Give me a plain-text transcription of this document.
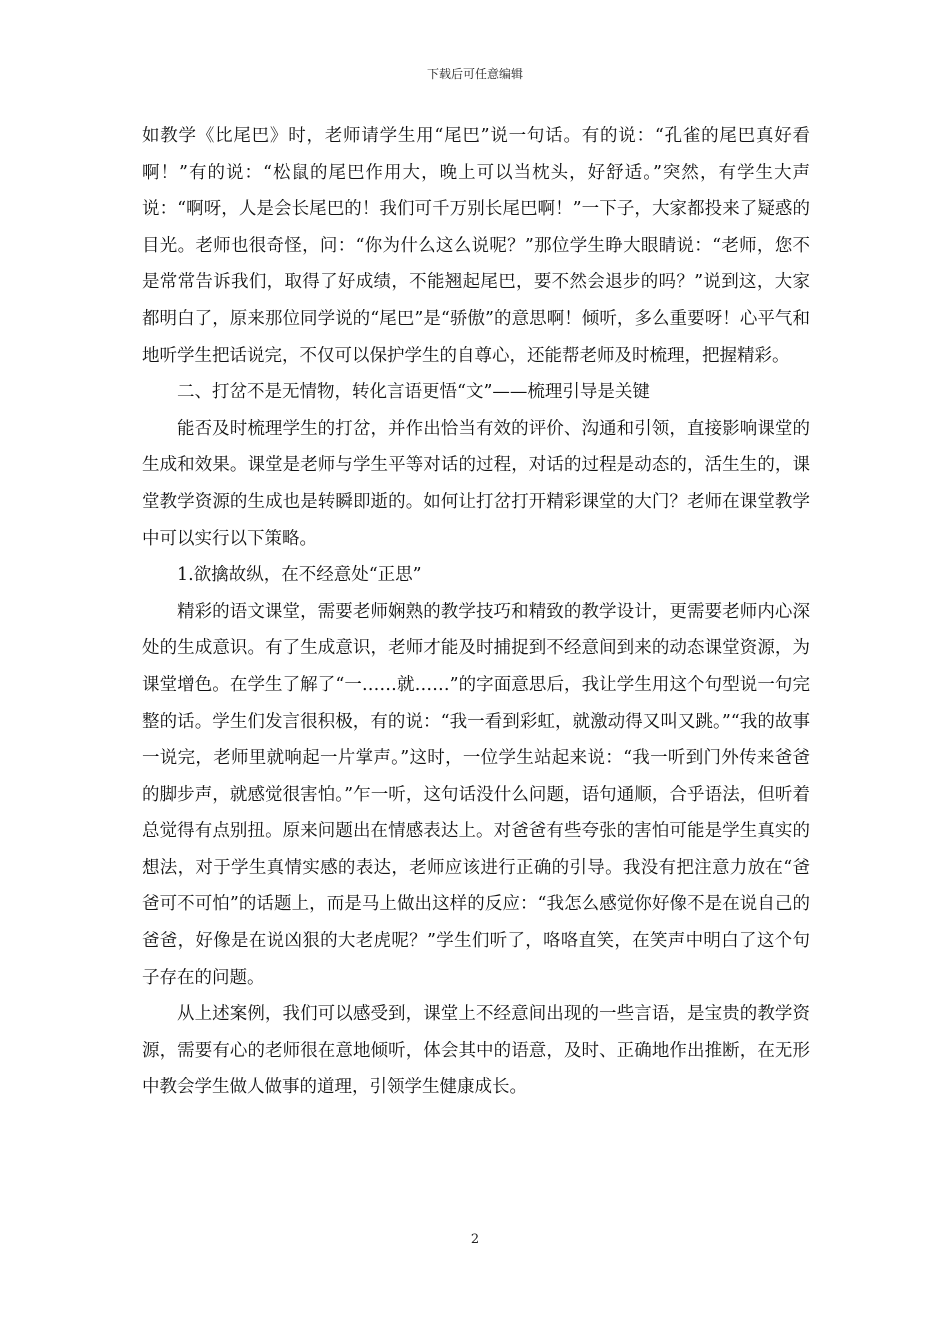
下载后可任意编辑

如教学《比尾巴》时，老师请学生用“尾巴”说一句话。有的说：“孔雀的尾巴真好看啊！”有的说：“松鼠的尾巴作用大，晚上可以当枕头，好舒适。”突然，有学生大声说：“啊呀，人是会长尾巴的！我们可千万别长尾巴啊！”一下子，大家都投来了疑惑的目光。老师也很奇怪，问：“你为什么这么说呢？”那位学生睁大眼睛说：“老师，您不是常常告诉我们，取得了好成绩，不能翘起尾巴，要不然会退步的吗？”说到这，大家都明白了，原来那位同学说的“尾巴”是“骄傲”的意思啊！倾听，多么重要呀！心平气和地听学生把话说完，不仅可以保护学生的自尊心，还能帮老师及时梳理，把握精彩。

二、打岔不是无情物，转化言语更悟“文”——梳理引导是关键

能否及时梳理学生的打岔，并作出恰当有效的评价、沟通和引领，直接影响课堂的生成和效果。课堂是老师与学生平等对话的过程，对话的过程是动态的，活生生的，课堂教学资源的生成也是转瞬即逝的。如何让打岔打开精彩课堂的大门？老师在课堂教学中可以实行以下策略。

1.欲擒故纵，在不经意处“正思”

精彩的语文课堂，需要老师娴熟的教学技巧和精致的教学设计，更需要老师内心深处的生成意识。有了生成意识，老师才能及时捕捉到不经意间到来的动态课堂资源，为课堂增色。在学生了解了“一……就……”的字面意思后，我让学生用这个句型说一句完整的话。学生们发言很积极，有的说：“我一看到彩虹，就激动得又叫又跳。”“我的故事一说完，老师里就响起一片掌声。”这时，一位学生站起来说：“我一听到门外传来爸爸的脚步声，就感觉很害怕。”乍一听，这句话没什么问题，语句通顺，合乎语法，但听着总觉得有点别扭。原来问题出在情感表达上。对爸爸有些夸张的害怕可能是学生真实的想法，对于学生真情实感的表达，老师应该进行正确的引导。我没有把注意力放在“爸爸可不可怕”的话题上，而是马上做出这样的反应：“我怎么感觉你好像不是在说自己的爸爸，好像是在说凶狠的大老虎呢？”学生们听了，咯咯直笑，在笑声中明白了这个句子存在的问题。

从上述案例，我们可以感受到，课堂上不经意间出现的一些言语，是宝贵的教学资源，需要有心的老师很在意地倾听，体会其中的语意，及时、正确地作出推断，在无形中教会学生做人做事的道理，引领学生健康成长。

2
